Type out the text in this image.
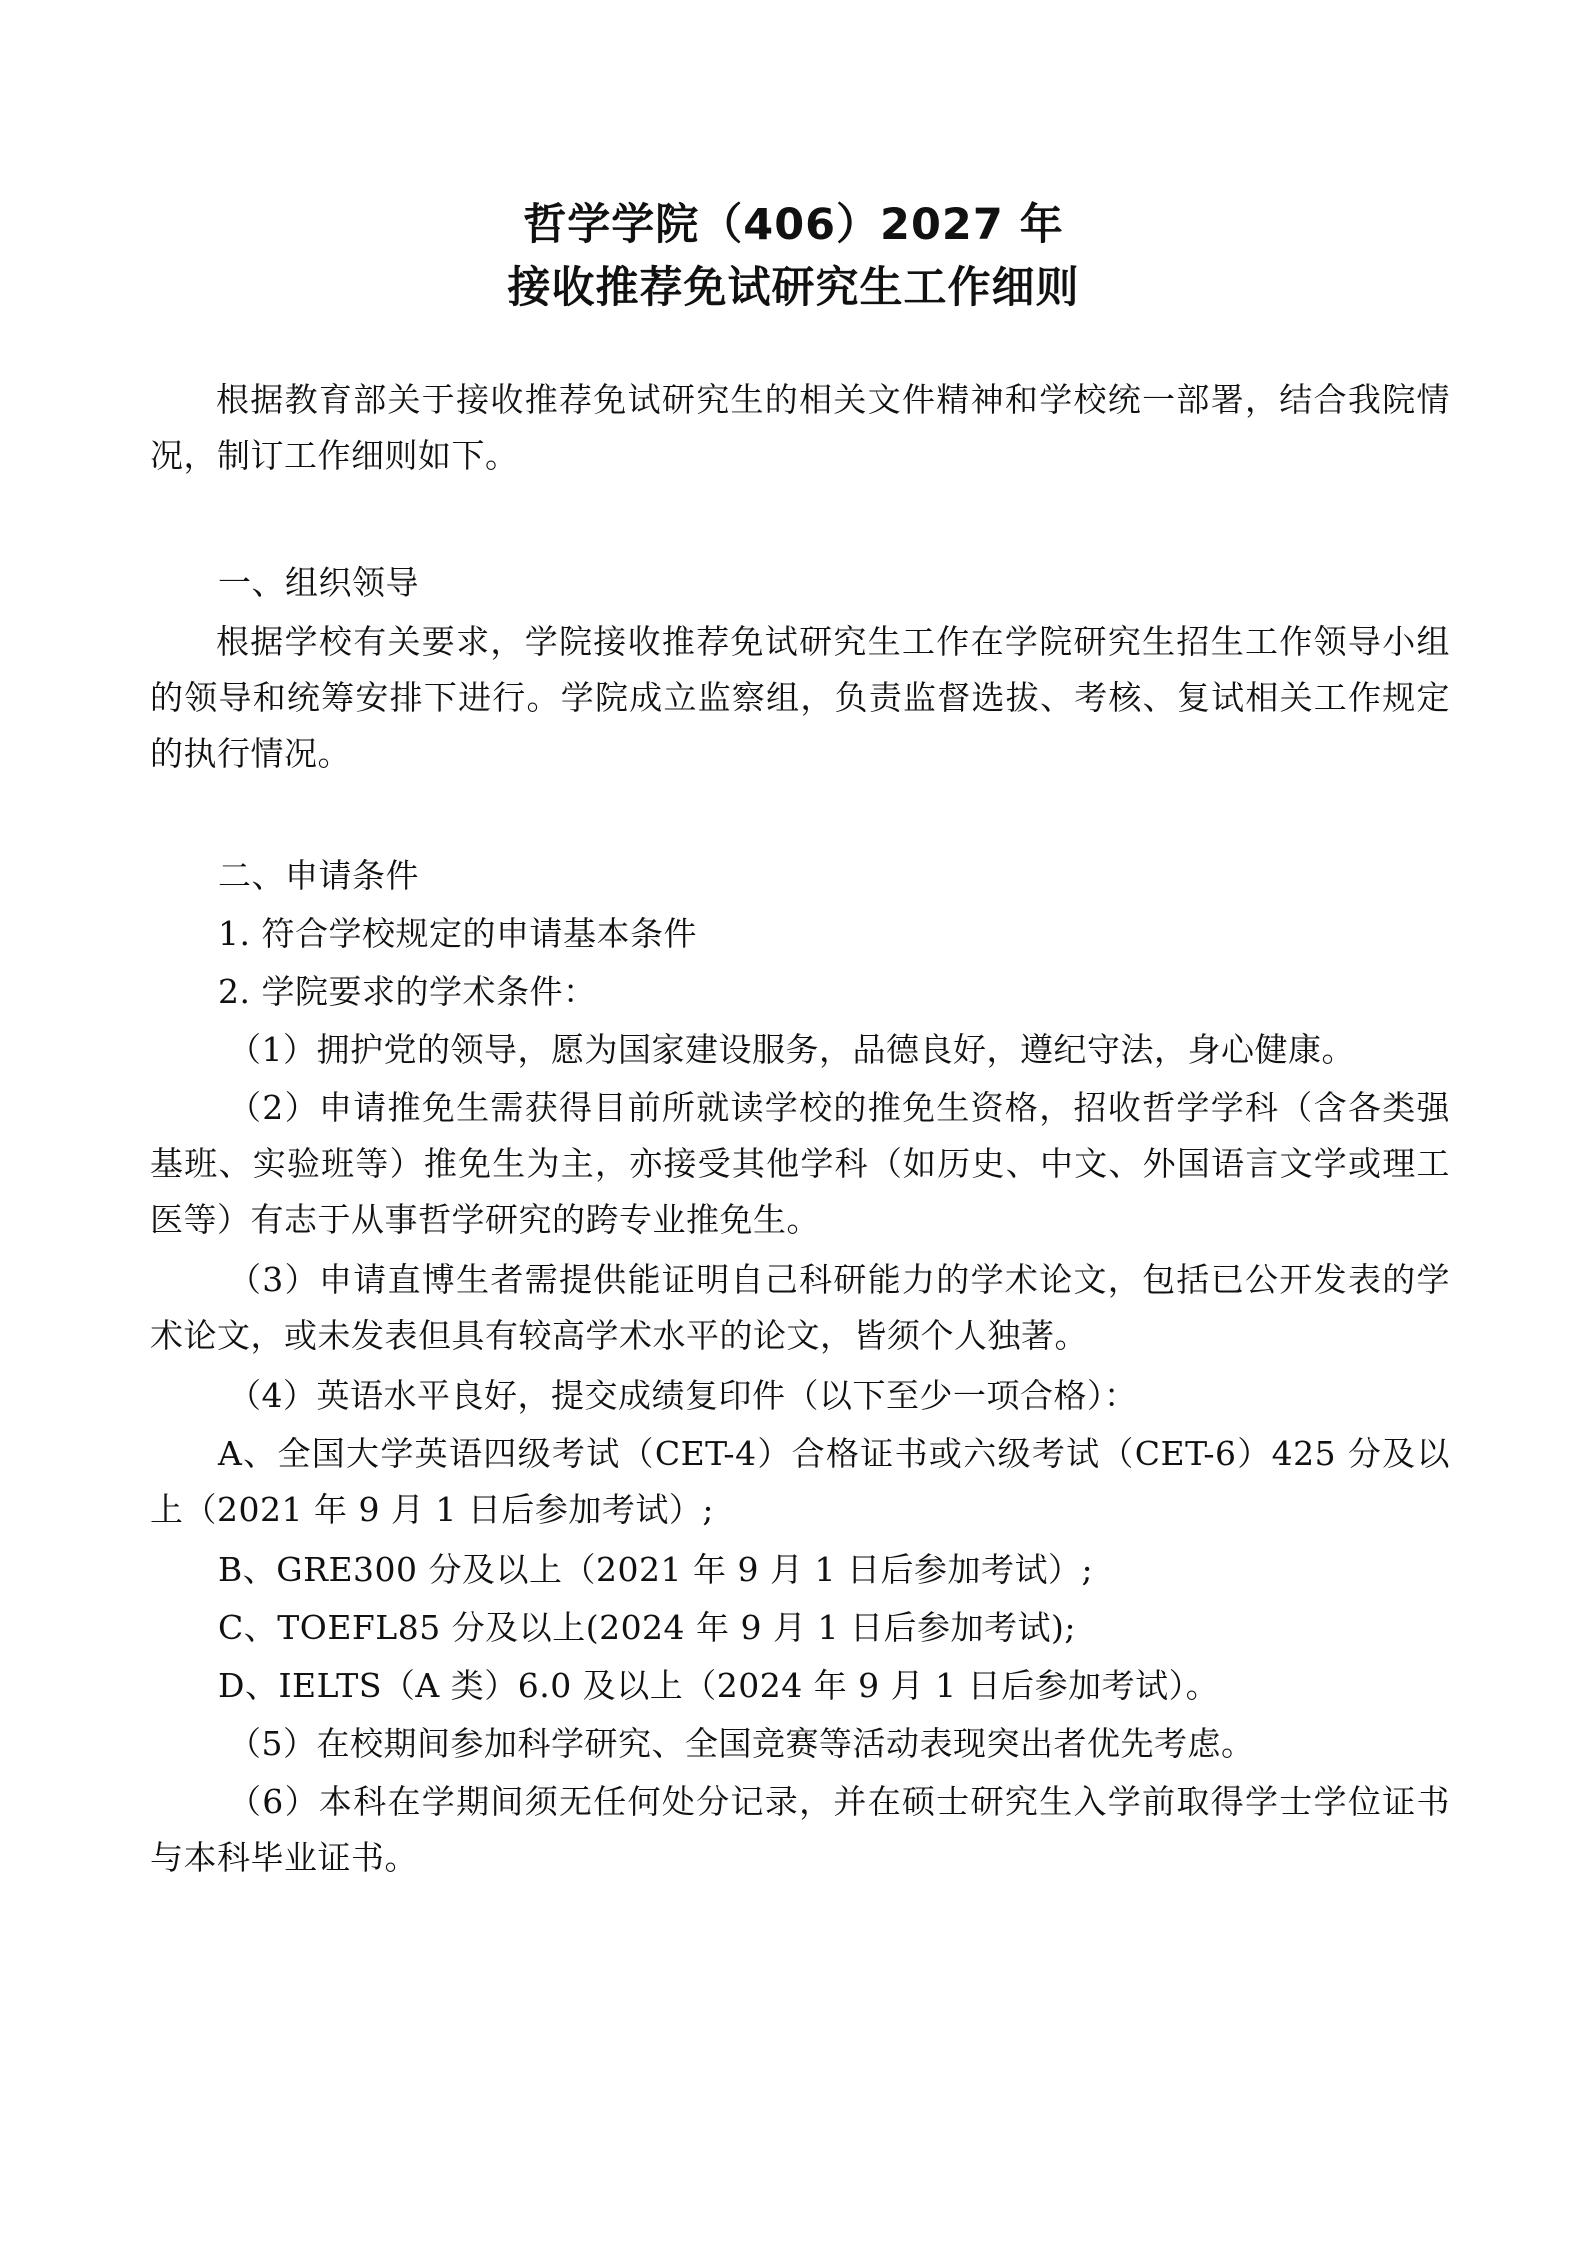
哲学学院（406）2027 年
接收推荐免试研究生工作细则
根据教育部关于接收推荐免试研究生的相关文件精神和学校统一部署，结合我院情况，制订工作细则如下。
一、组织领导
根据学校有关要求，学院接收推荐免试研究生工作在学院研究生招生工作领导小组的领导和统筹安排下进行。学院成立监察组，负责监督选拔、考核、复试相关工作规定的执行情况。
二、申请条件
1. 符合学校规定的申请基本条件
2. 学院要求的学术条件：
（1）拥护党的领导，愿为国家建设服务，品德良好，遵纪守法，身心健康。
（2）申请推免生需获得目前所就读学校的推免生资格，招收哲学学科（含各类强基班、实验班等）推免生为主，亦接受其他学科（如历史、中文、外国语言文学或理工医等）有志于从事哲学研究的跨专业推免生。
（3）申请直博生者需提供能证明自己科研能力的学术论文，包括已公开发表的学术论文，或未发表但具有较高学术水平的论文，皆须个人独著。
（4）英语水平良好，提交成绩复印件（以下至少一项合格）：
A、全国大学英语四级考试（CET-4）合格证书或六级考试（CET-6）425 分及以上（2021 年 9 月 1 日后参加考试）;
B、GRE300 分及以上（2021 年 9 月 1 日后参加考试）;
C、TOEFL85 分及以上(2024 年 9 月 1 日后参加考试);
D、IELTS（A 类）6.0 及以上（2024 年 9 月 1 日后参加考试）。
（5）在校期间参加科学研究、全国竞赛等活动表现突出者优先考虑。
（6）本科在学期间须无任何处分记录，并在硕士研究生入学前取得学士学位证书与本科毕业证书。
